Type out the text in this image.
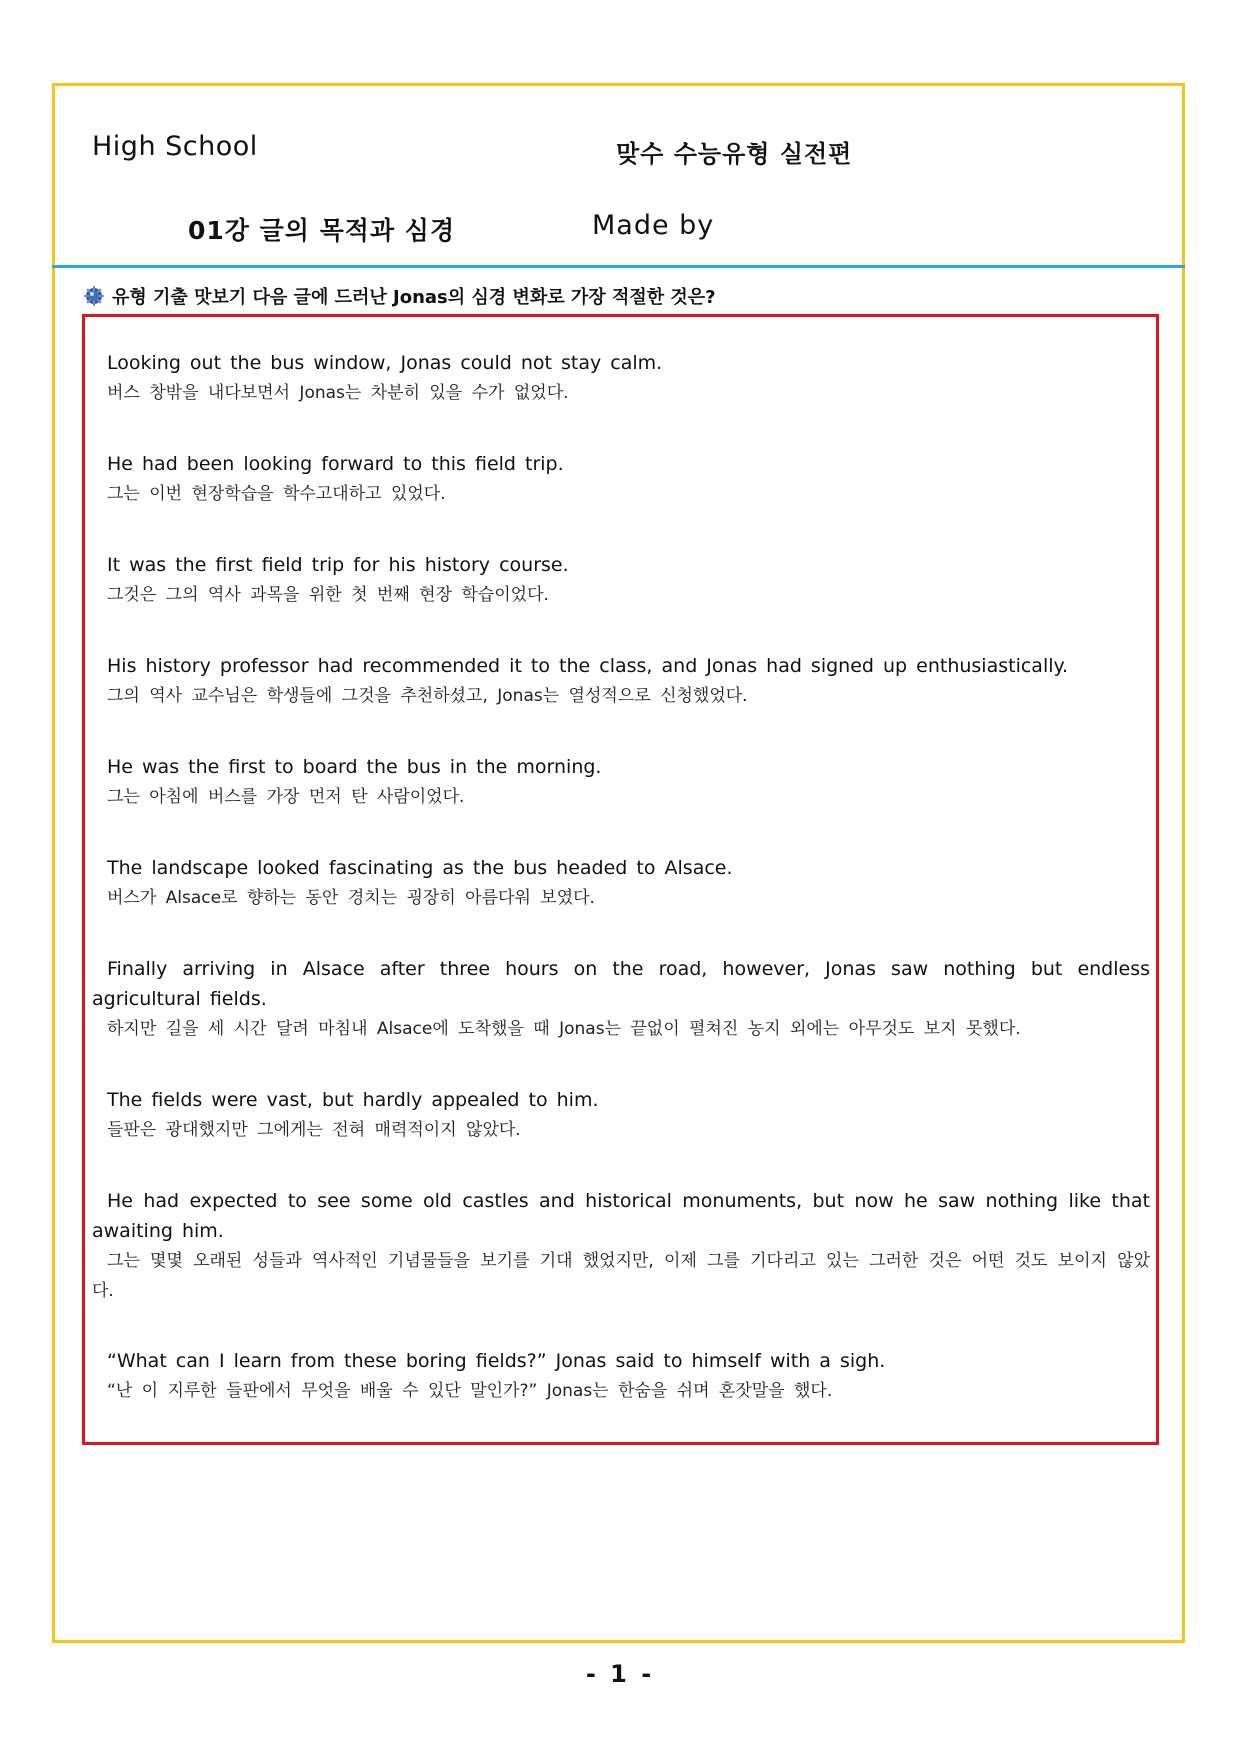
High School	맞수 수능유형 실전편
01강 글의 목적과 심경	Made by
유형 기출 맛보기 다음 글에 드러난 Jonas의 심경 변화로 가장 적절한 것은?
Looking out the bus window, Jonas could not stay calm.
버스 창밖을 내다보면서 Jonas는 차분히 있을 수가 없었다.
He had been looking forward to this field trip.
그는 이번 현장학습을 학수고대하고 있었다.
It was the first field trip for his history course.
그것은 그의 역사 과목을 위한 첫 번째 현장 학습이었다.
His history professor had recommended it to the class, and Jonas had signed up enthusiastically.
그의 역사 교수님은 학생들에 그것을 추천하셨고, Jonas는 열성적으로 신청했었다.
He was the first to board the bus in the morning.
그는 아침에 버스를 가장 먼저 탄 사람이었다.
The landscape looked fascinating as the bus headed to Alsace.
버스가 Alsace로 향하는 동안 경치는 굉장히 아름다워 보였다.
Finally arriving in Alsace after three hours on the road, however, Jonas saw nothing but endless agricultural fields.
하지만 길을 세 시간 달려 마침내 Alsace에 도착했을 때 Jonas는 끝없이 펼쳐진 농지 외에는 아무것도 보지 못했다.
The fields were vast, but hardly appealed to him.
들판은 광대했지만 그에게는 전혀 매력적이지 않았다.
He had expected to see some old castles and historical monuments, but now he saw nothing like that awaiting him.
그는 몇몇 오래된 성들과 역사적인 기념물들을 보기를 기대 했었지만, 이제 그를 기다리고 있는 그러한 것은 어떤 것도 보이지 않았다.
“What can I learn from these boring fields?” Jonas said to himself with a sigh.
“난 이 지루한 들판에서 무엇을 배울 수 있단 말인가?” Jonas는 한숨을 쉬며 혼잣말을 했다.
- 1 -
